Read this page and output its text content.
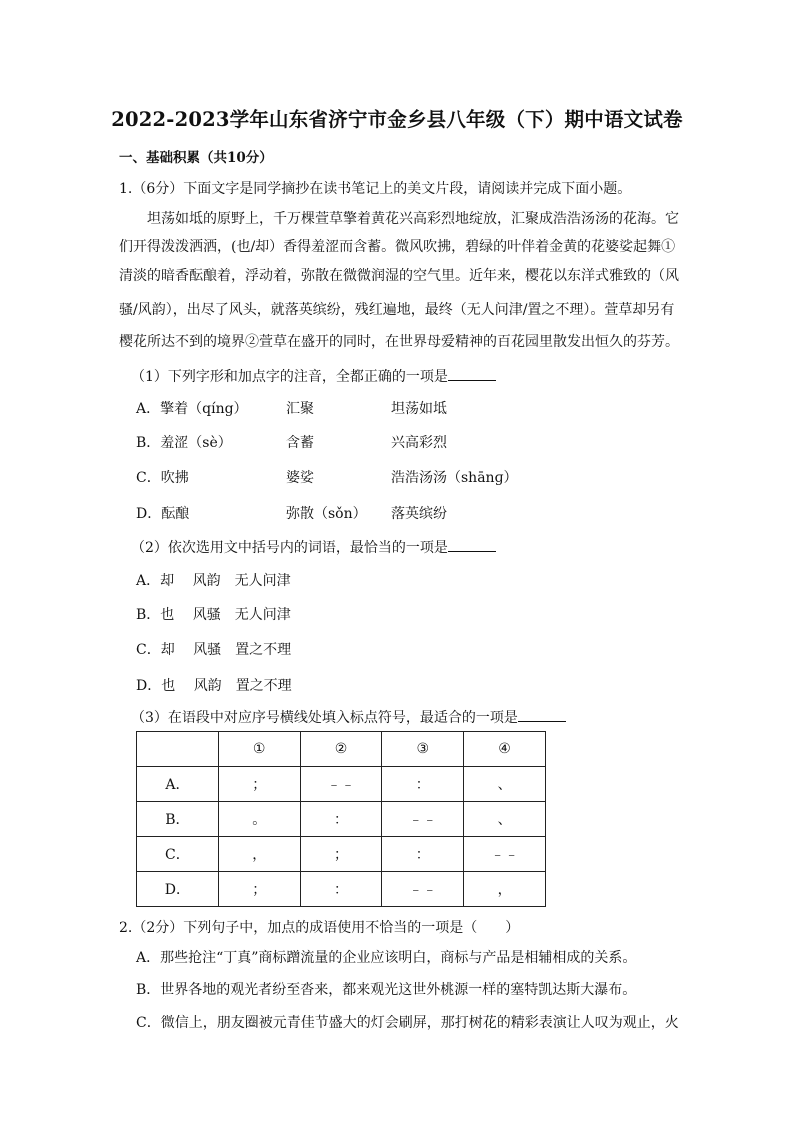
2022-2023学年山东省济宁市金乡县八年级（下）期中语文试卷
一、基础积累（共10分）
1.（6分）下面文字是同学摘抄在读书笔记上的美文片段，请阅读并完成下面小题。
坦荡如坻的原野上，千万棵萱草擎着黄花兴高彩烈地绽放，汇聚成浩浩汤汤的花海。它
们开得泼泼洒洒，(也/却）香得羞涩而含蓄。微风吹拂，碧绿的叶伴着金黄的花婆娑起舞①
清淡的暗香酝酿着，浮动着，弥散在微微润湿的空气里。近年来，樱花以东洋式雅致的（风
骚/风韵），出尽了风头，就落英缤纷，残红遍地，最终（无人问津/置之不理）。萱草却另有
樱花所达不到的境界②萱草在盛开的同时，在世界母爱精神的百花园里散发出恒久的芬芳。
（1）下列字形和加点字的注音，全都正确的一项是
A．擎着（qíng）	汇聚	坦荡如坻
B．羞涩（sè）	含蓄	兴高彩烈
C．吹拂	婆娑	浩浩汤汤（shānɡ）
D．酝酿	弥散（sǒn） 落英缤纷
（2）依次选用文中括号内的词语，最恰当的一项是
A．却　 风韵　 无人问津
B．也　 风骚　 无人问津
C．却　 风骚　 置之不理
D．也　 风韵　 置之不理
（3）在语段中对应序号横线处填入标点符号，最适合的一项是
	①	②	③	④
A．	；	﹣﹣	：	、
B．	。	：	﹣﹣	、
C．	，	；	：	﹣﹣
D．	；	：	﹣﹣	，
2.（2分）下列句子中，加点的成语使用不恰当的一项是（　　）
A．那些抢注“丁真”商标蹭流量的企业应该明白，商标与产品是相辅相成的关系。
B．世界各地的观光者纷至沓来，都来观光这世外桃源一样的塞特凯达斯大瀑布。
C．微信上，朋友圈被元青佳节盛大的灯会刷屏，那打树花的精彩表演让人叹为观止，火
